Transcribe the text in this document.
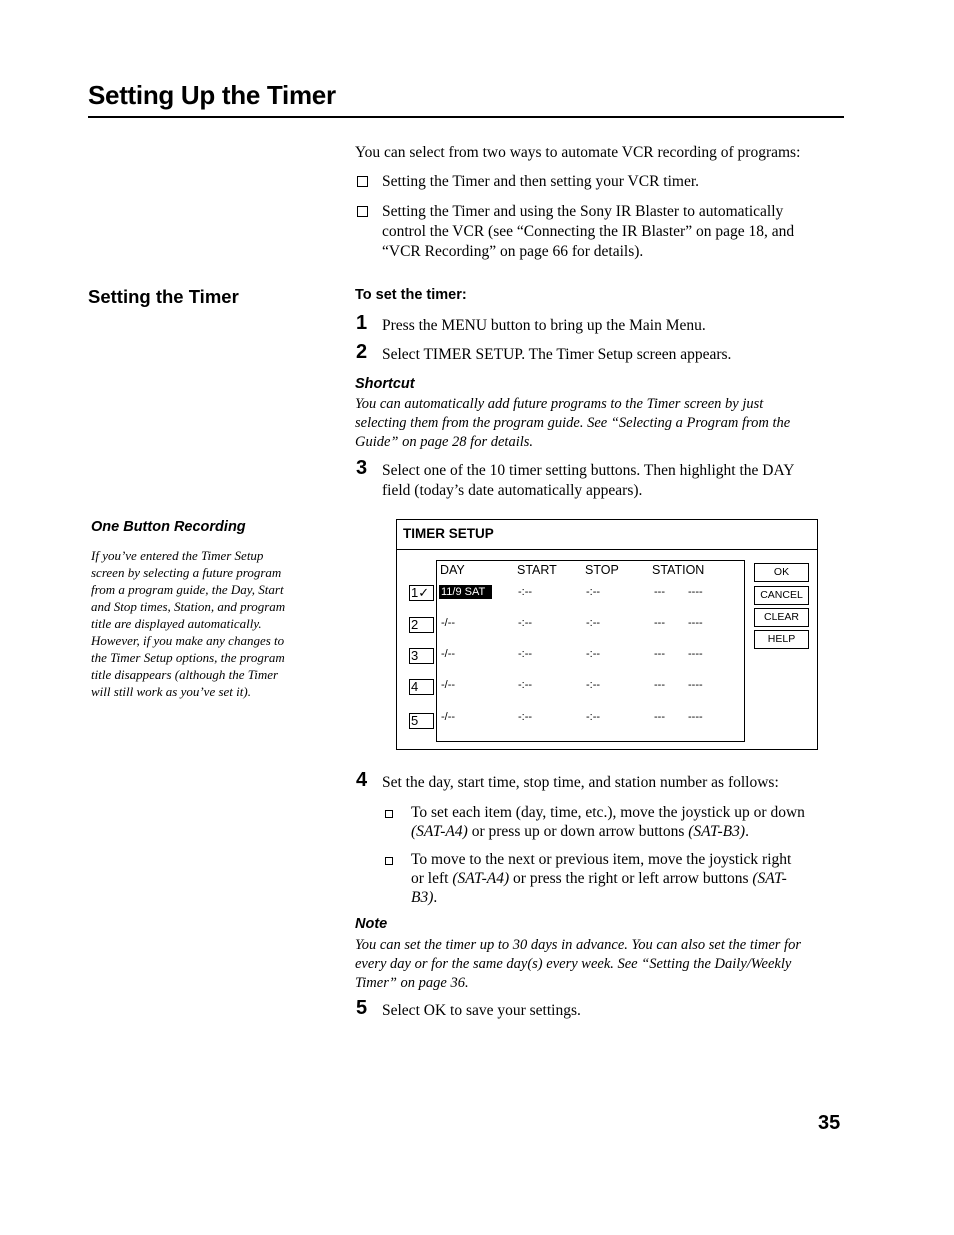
Setting Up the Timer
You can select from two ways to automate VCR recording of programs:
Setting the Timer and then setting your VCR timer.
Setting the Timer and using the Sony IR Blaster to automatically
control the VCR (see “Connecting the IR Blaster” on page 18, and
“VCR Recording” on page 66 for details).
Setting the Timer	To set the timer:
1 Press the MENU button to bring up the Main Menu.
2 Select TIMER SETUP. The Timer Setup screen appears.
Shortcut
You can automatically add future programs to the Timer screen by just
selecting them from the program guide. See “Selecting a Program from the
Guide” on page 28 for details.
3 Select one of the 10 timer setting buttons. Then highlight the DAY
field (today’s date automatically appears).
One Button Recording
If you’ve entered the Timer Setup
screen by selecting a future program
from a program guide, the Day, Start
and Stop times, Station, and program
title are displayed automatically.
However, if you make any changes to
the Timer Setup options, the program
title disappears (although the Timer
will still work as you’ve set it).
TIMER SETUP
DAY	START STOP	STATION
1✓	11/9 SAT	-:--	-:--	--- ----
2	-/--	-:--	-:--	--- ----
3	-/--	-:--	-:--	--- ----
4	-/--	-:--	-:--	--- ----
5	-/--	-:--	-:--	--- ----
OK
CANCEL
CLEAR
HELP
4 Set the day, start time, stop time, and station number as follows:
To set each item (day, time, etc.), move the joystick up or down
(SAT-A4) or press up or down arrow buttons (SAT-B3).
To move to the next or previous item, move the joystick right
or left (SAT-A4) or press the right or left arrow buttons (SAT-
B3).
Note
You can set the timer up to 30 days in advance. You can also set the timer for
every day or for the same day(s) every week. See “Setting the Daily/Weekly
Timer” on page 36.
5 Select OK to save your settings.
35
